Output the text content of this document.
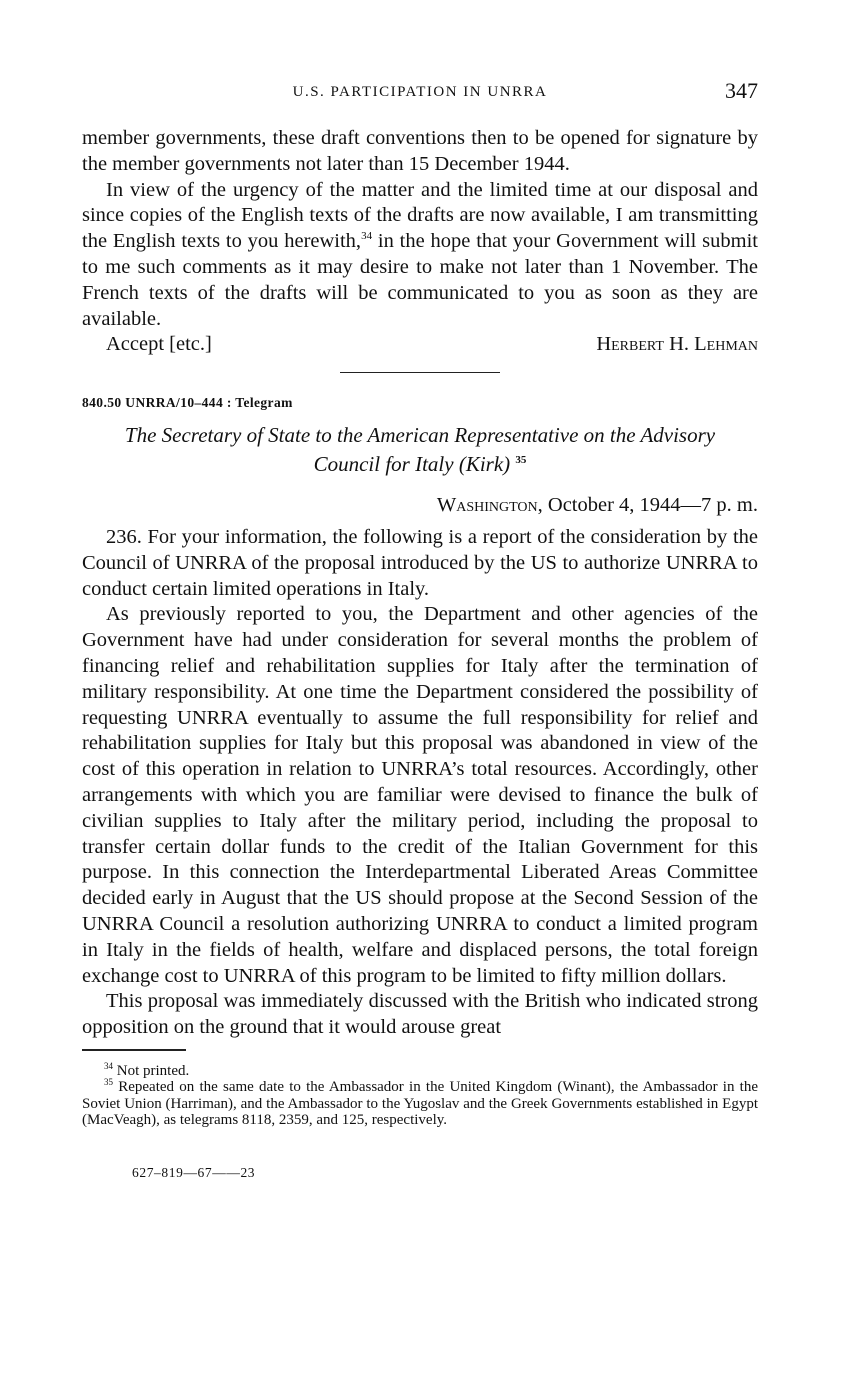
U.S. PARTICIPATION IN UNRRA	347

member governments, these draft conventions then to be opened for signature by the member governments not later than 15 December 1944.

In view of the urgency of the matter and the limited time at our disposal and since copies of the English texts of the drafts are now available, I am transmitting the English texts to you herewith,$^{34}$ in the hope that your Government will submit to me such comments as it may desire to make not later than 1 November. The French texts of the drafts will be communicated to you as soon as they are available.

Accept [etc.]	Herbert H. Lehman
840.50 UNRRA/10–444 : Telegram
The Secretary of State to the American Representative on the Advisory Council for Italy (Kirk) $^{35}$
Washington, October 4, 1944—7 p. m.

236. For your information, the following is a report of the consideration by the Council of UNRRA of the proposal introduced by the US to authorize UNRRA to conduct certain limited operations in Italy.

As previously reported to you, the Department and other agencies of the Government have had under consideration for several months the problem of financing relief and rehabilitation supplies for Italy after the termination of military responsibility. At one time the Department considered the possibility of requesting UNRRA eventually to assume the full responsibility for relief and rehabilitation supplies for Italy but this proposal was abandoned in view of the cost of this operation in relation to UNRRA’s total resources. Accordingly, other arrangements with which you are familiar were devised to finance the bulk of civilian supplies to Italy after the military period, including the proposal to transfer certain dollar funds to the credit of the Italian Government for this purpose. In this connection the Interdepartmental Liberated Areas Committee decided early in August that the US should propose at the Second Session of the UNRRA Council a resolution authorizing UNRRA to conduct a limited program in Italy in the fields of health, welfare and displaced persons, the total foreign exchange cost to UNRRA of this program to be limited to fifty million dollars.

This proposal was immediately discussed with the British who indicated strong opposition on the ground that it would arouse great

$^{34}$ Not printed.
$^{35}$ Repeated on the same date to the Ambassador in the United Kingdom (Winant), the Ambassador in the Soviet Union (Harriman), and the Ambassador to the Yugoslav and the Greek Governments established in Egypt (MacVeagh), as telegrams 8118, 2359, and 125, respectively.
627–819—67——23
